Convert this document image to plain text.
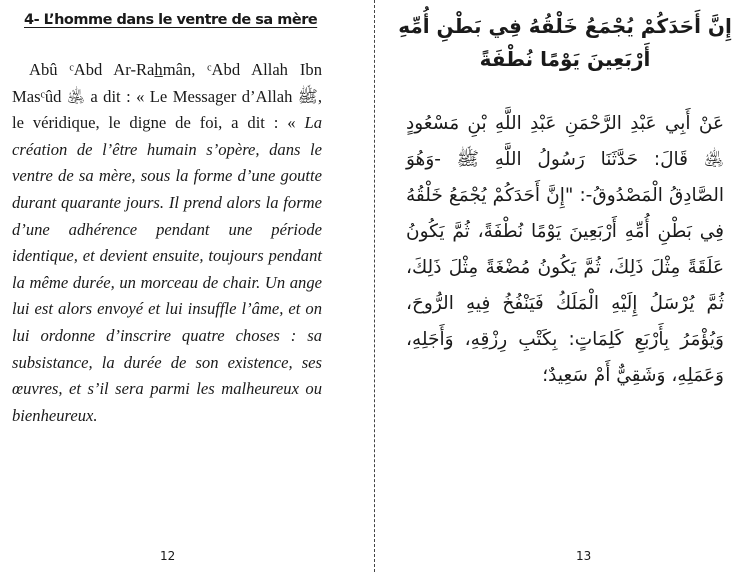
4- L’homme dans le ventre de sa mère

Abû ᶜAbd Ar-Rah̲mân, ᶜAbd Allah Ibn Masᶜûd ﵁ a dit : « Le Messager d’Allah ﷺ, le véridique, le digne de foi, a dit : « La création de l’être humain s’opère, dans le ventre de sa mère, sous la forme d’une goutte durant quarante jours. Il prend alors la forme d’une adhérence pendant une période identique, et devient ensuite, toujours pendant la même durée, un morceau de chair. Un ange lui est alors envoyé et lui insuffle l’âme, et on lui ordonne d’inscrire quatre choses : sa subsistance, la durée de son existence, ses œuvres, et s’il sera parmi les malheureux ou bienheureux.

12
إِنَّ أَحَدَكُمْ يُجْمَعُ خَلْقُهُ فِي بَطْنِ أُمِّهِ أَرْبَعِينَ يَوْمًا نُطْفَةً

عَنْ أَبِي عَبْدِ الرَّحْمَنِ عَبْدِ اللَّهِ بْنِ مَسْعُودٍ ﵁ قَالَ: حَدَّثَنَا رَسُولُ اللَّهِ ﷺ -وَهُوَ الصَّادِقُ الْمَصْدُوقُ-: "إِنَّ أَحَدَكُمْ يُجْمَعُ خَلْقُهُ فِي بَطْنِ أُمِّهِ أَرْبَعِينَ يَوْمًا نُطْفَةً، ثُمَّ يَكُونُ عَلَقَةً مِثْلَ ذَلِكَ، ثُمَّ يَكُونُ مُضْغَةً مِثْلَ ذَلِكَ، ثُمَّ يُرْسَلُ إِلَيْهِ الْمَلَكُ فَيَنْفُخُ فِيهِ الرُّوحَ، وَيُؤْمَرُ بِأَرْبَعِ كَلِمَاتٍ: بِكَتْبِ رِزْقِهِ، وَأَجَلِهِ، وَعَمَلِهِ، وَشَقِيٌّ أَمْ سَعِيدٌ؛

13
